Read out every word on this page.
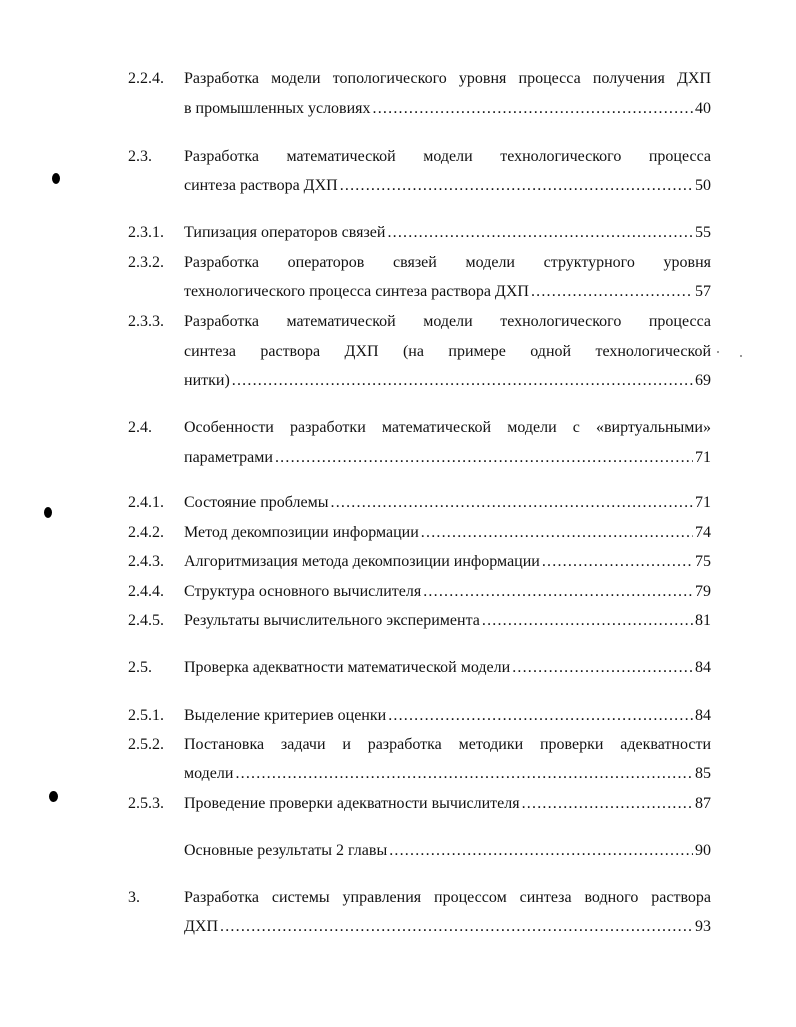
2.2.4. Разработка модели топологического уровня процесса получения ДХП
в промышленных условиях .....	40
2.3. Разработка математической модели технологического процесса
синтеза раствора ДХП .....	50
2.3.1. Типизация операторов связей .....	55
2.3.2. Разработка операторов связей модели структурного уровня
технологического процесса синтеза раствора ДХП .....	57
2.3.3. Разработка математической модели технологического процесса
синтеза раствора ДХП (на примере одной технологической
нитки) .....	69
2.4. Особенности разработки математической модели с «виртуальными»
параметрами .....	71
2.4.1. Состояние проблемы .....	71
2.4.2. Метод декомпозиции информации .....	74
2.4.3. Алгоритмизация метода декомпозиции информации .....	75
2.4.4. Структура основного вычислителя .....	79
2.4.5. Результаты вычислительного эксперимента .....	81
2.5. Проверка адекватности математической модели .....	84
2.5.1. Выделение критериев оценки .....	84
2.5.2. Постановка задачи и разработка методики проверки адекватности
модели .....	85
2.5.3. Проведение проверки адекватности вычислителя .....	87
Основные результаты 2 главы .....	90
3.	Разработка системы управления процессом синтеза водного раствора
ДХП .....	93
